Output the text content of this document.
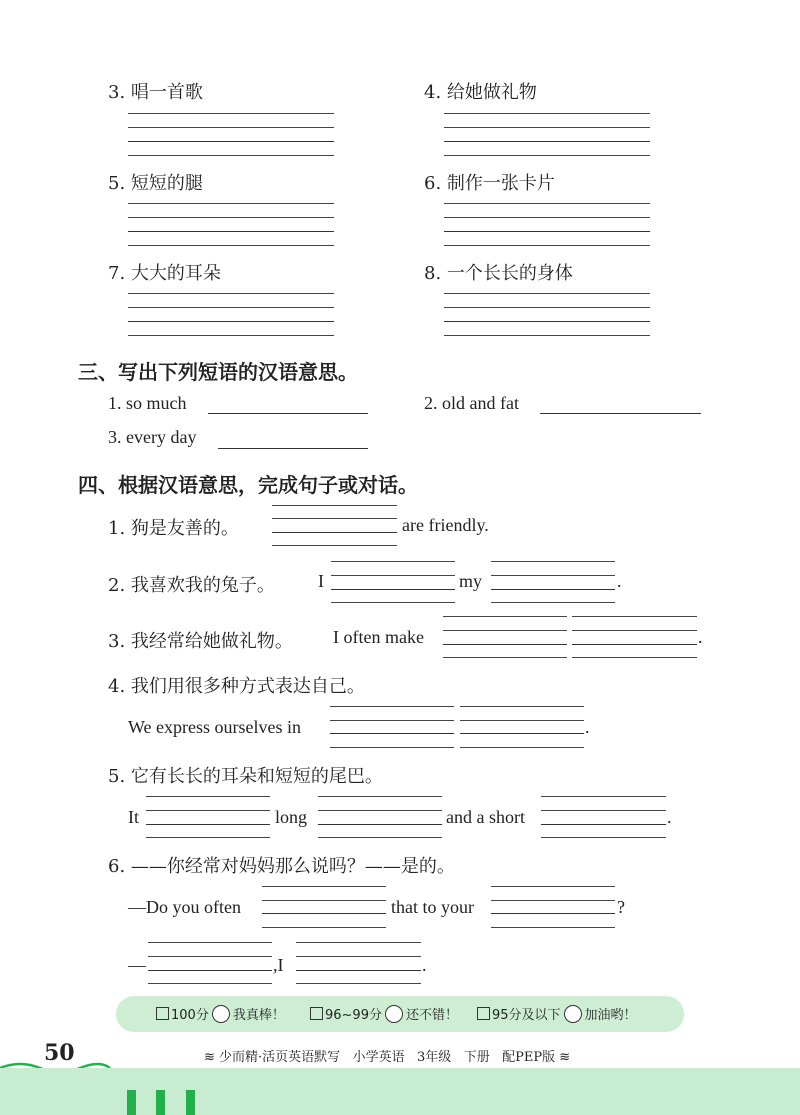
3. 唱一首歌	4. 给她做礼物
5. 短短的腿	6. 制作一张卡片
7. 大大的耳朵	8. 一个长长的身体
三、写出下列短语的汉语意思。
1. so much	2. old and fat
3. every day
四、根据汉语意思，完成句子或对话。
1. 狗是友善的。	are friendly.
2. 我喜欢我的兔子。 I	my	.
3. 我经常给她做礼物。 I often make	.
4. 我们用很多种方式表达自己。
We express ourselves in	.
5. 它有长长的耳朵和短短的尾巴。
It	long	and a short	.
6. ——你经常对妈妈那么说吗？——是的。
—Do you often	that to your	?
—	,I	.
100分 我真棒！	96~99分 还不错！	95分及以下 加油哟！
50	≋ 少而精·活页英语默写 小学英语 3年级 下册 配PEP版 ≋
